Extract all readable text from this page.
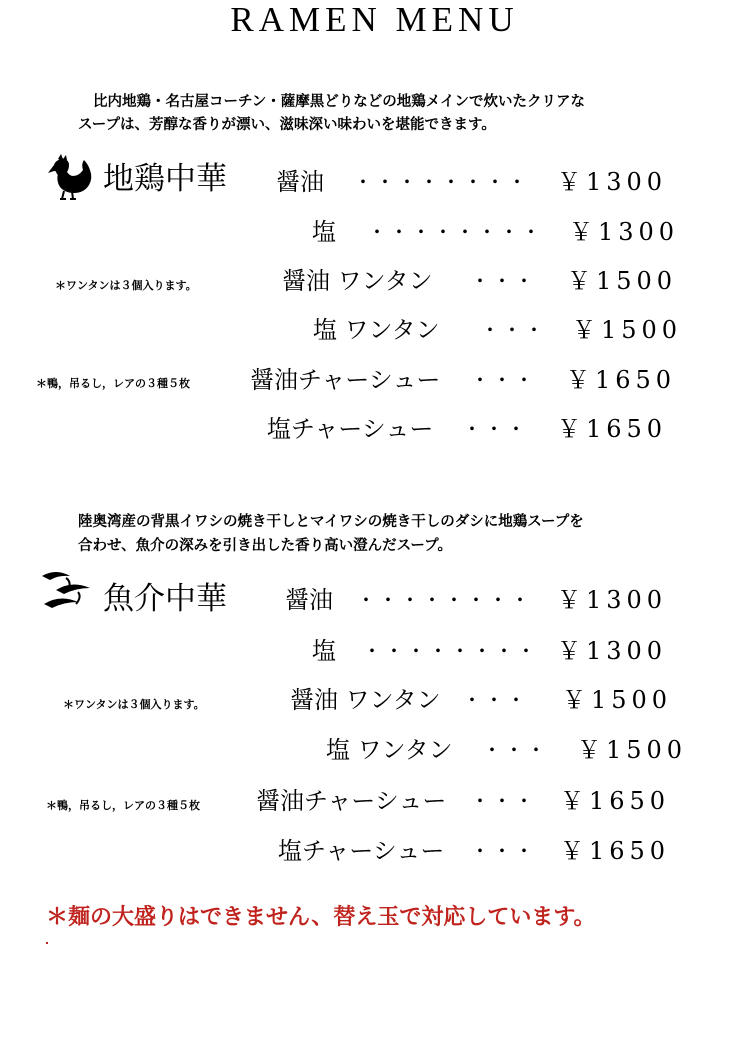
RAMEN MENU
比内地鶏・名古屋コーチン・薩摩黒どりなどの地鶏メインで炊いたクリアな
スープは、芳醇な香りが漂い、滋味深い味わいを堪能できます。
地鶏中華 醤油 ・・・・・・・・ ￥1300
塩 ・・・・・・・・ ￥1300
＊ワンタンは３個入ります。	醤油 ワンタン ・・・ ￥1500
塩 ワンタン ・・・ ￥1500
＊鴨，吊るし，レアの３種５枚	醤油チャーシュー ・・・ ￥1650
塩チャーシュー ・・・ ￥1650
陸奥湾産の背黒イワシの焼き干しとマイワシの焼き干しのダシに地鶏スープを
合わせ、魚介の深みを引き出した香り高い澄んだスープ。
魚介中華 醤油 ・・・・・・・・ ￥1300
塩 ・・・・・・・・ ￥1300
＊ワンタンは３個入ります。	醤油 ワンタン ・・・ ￥1500
塩 ワンタン ・・・ ￥1500
＊鴨，吊るし，レアの３種５枚 醤油チャーシュー ・・・ ￥1650
塩チャーシュー ・・・ ￥1650
＊麺の大盛りはできません、替え玉で対応しています。
